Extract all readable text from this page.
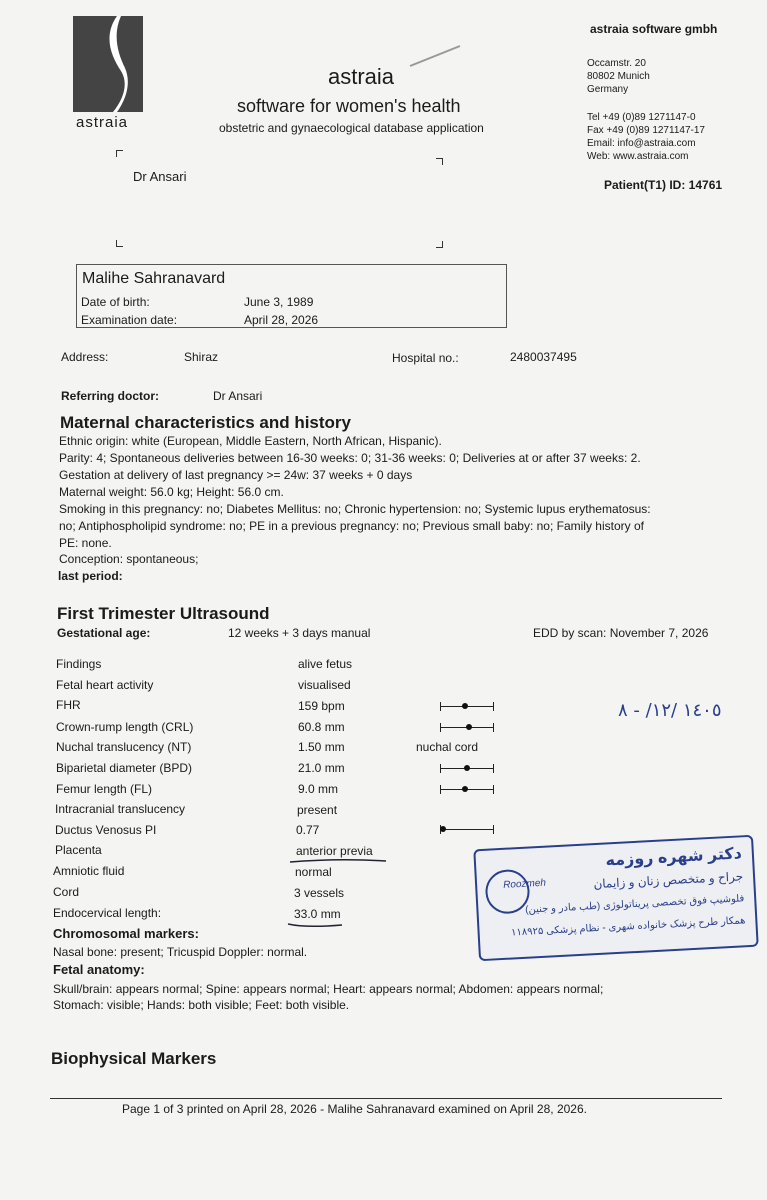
astraia
astraia
software for women's health
obstetric and gynaecological database application
astraia software gmbh
Occamstr. 20
80802 Munich
Germany
Tel +49 (0)89 1271147-0
Fax +49 (0)89 1271147-17
Email: info@astraia.com
Web: www.astraia.com
Dr Ansari
Patient(T1) ID: 14761
Malihe Sahranavard
Date of birth:	June 3, 1989
Examination date:	April 28, 2026
Address:	Shiraz	Hospital no.:	2480037495
Referring doctor:	Dr Ansari
Maternal characteristics and history
Ethnic origin: white (European, Middle Eastern, North African, Hispanic).
Parity: 4; Spontaneous deliveries between 16-30 weeks: 0; 31-36 weeks: 0; Deliveries at or after 37 weeks: 2.
Gestation at delivery of last pregnancy >= 24w: 37 weeks + 0 days
Maternal weight: 56.0 kg; Height: 56.0 cm.
Smoking in this pregnancy: no; Diabetes Mellitus: no; Chronic hypertension: no; Systemic lupus erythematosus:
no; Antiphospholipid syndrome: no; PE in a previous pregnancy: no; Previous small baby: no; Family history of
PE: none.
Conception: spontaneous;
last period:
First Trimester Ultrasound
Gestational age:	12 weeks + 3 days manual	EDD by scan: November 7, 2026
Findings	alive fetus
Fetal heart activity	visualised
FHR	159 bpm
Crown-rump length (CRL)	60.8 mm
Nuchal translucency (NT)	1.50 mm	nuchal cord
Biparietal diameter (BPD)	21.0 mm
Femur length (FL)	9.0 mm
Intracranial translucency	present
Ductus Venosus PI	0.77
Placenta	anterior previa
Amniotic fluid	normal
Cord	3 vessels
Endocervical length:	33.0 mm
Chromosomal markers:
Nasal bone: present; Tricuspid Doppler: normal.
Fetal anatomy:
Skull/brain: appears normal; Spine: appears normal; Heart: appears normal; Abdomen: appears normal;
Stomach: visible; Hands: both visible; Feet: both visible.
Biophysical Markers
Page 1 of 3 printed on April 28, 2026 - Malihe Sahranavard examined on April 28, 2026.
١٤٠٥ /١٢/ - ٨
دکتر شهره روزمه
جراح و متخصص زنان و زایمان
فلوشیپ فوق تخصصی پریناتولوژی (طب مادر و جنین)
همکار طرح پزشک خانواده شهری - نظام پزشکی ۱۱۸۹۲۵
Roozmeh
